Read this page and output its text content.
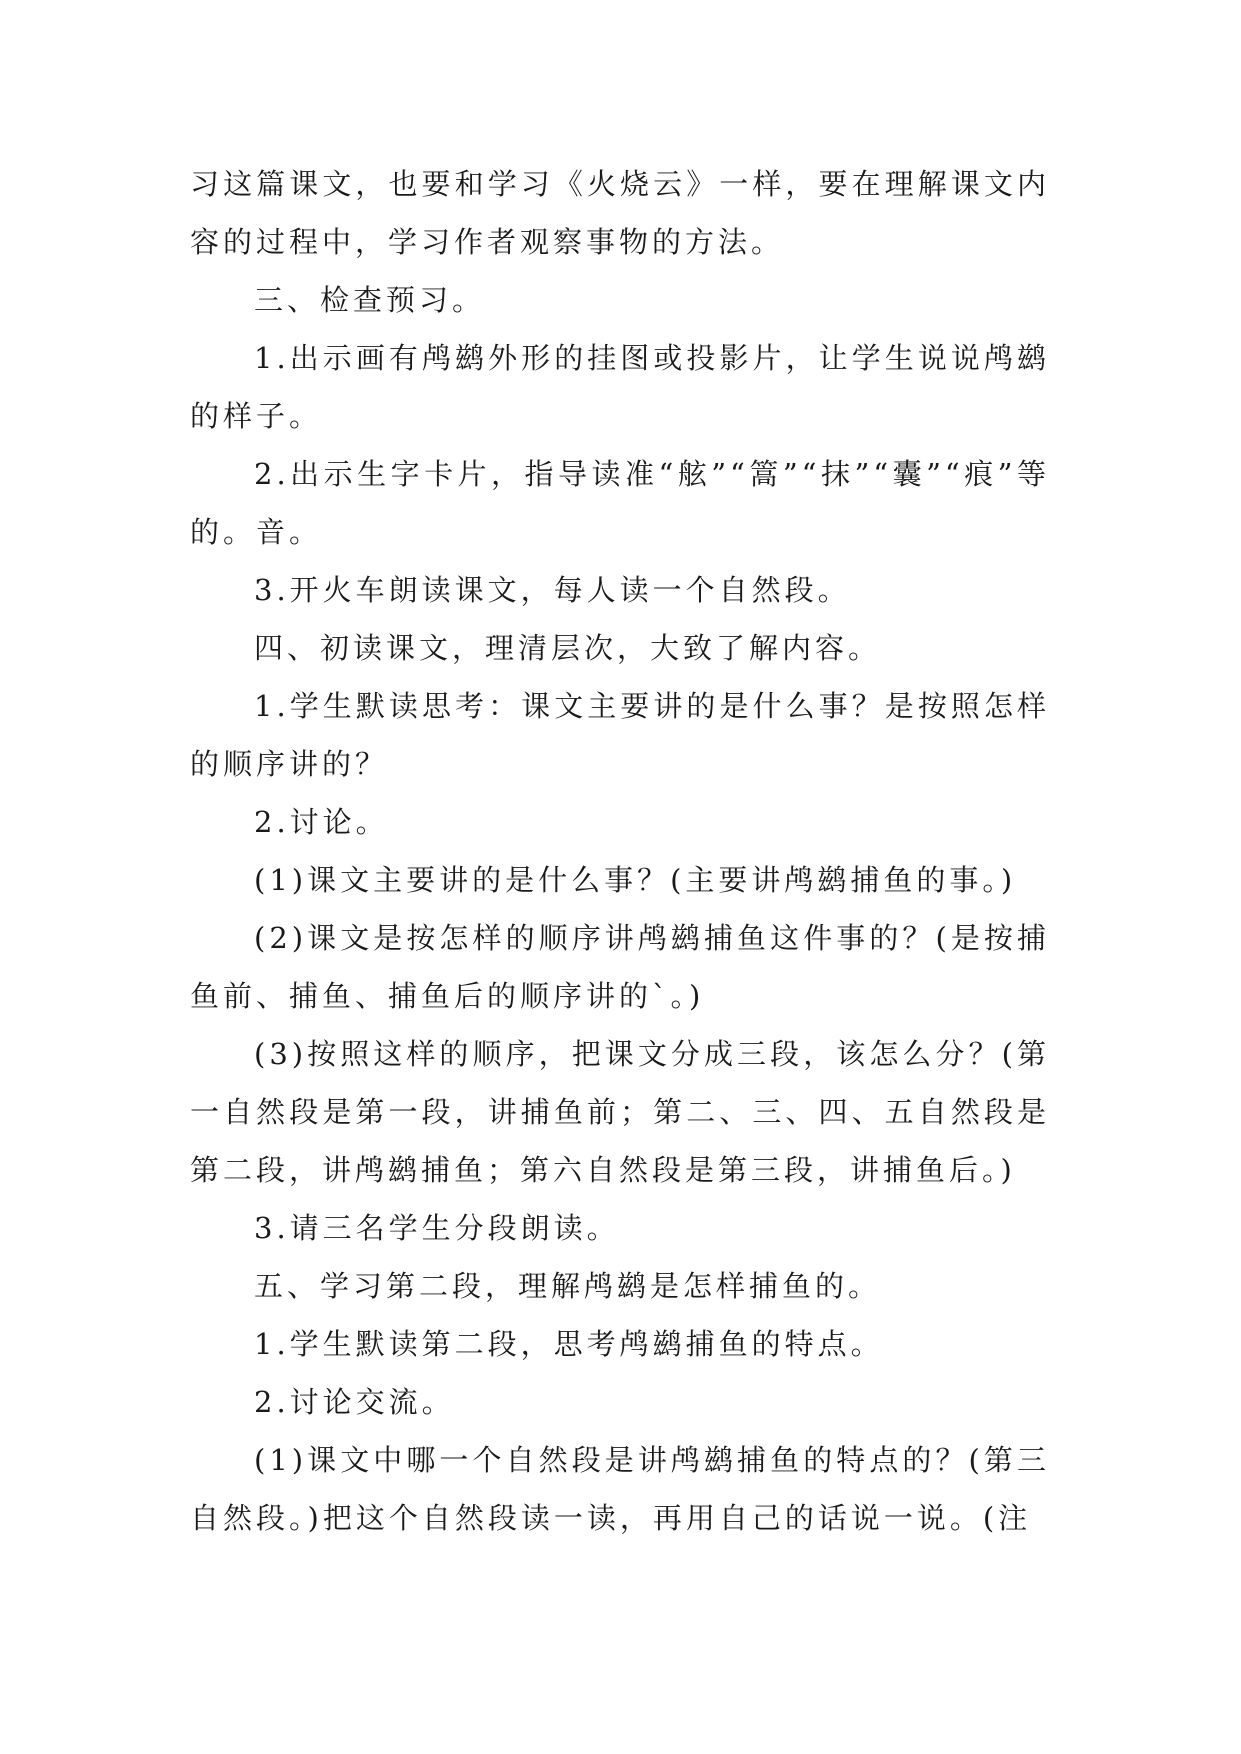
习这篇课文，也要和学习《火烧云》一样，要在理解课文内容的过程中，学习作者观察事物的方法。

三、检查预习。

1.出示画有鸬鹚外形的挂图或投影片，让学生说说鸬鹚的样子。

2.出示生字卡片，指导读准“舷”“篙”“抹”“囊”“痕”等的。音。

3.开火车朗读课文，每人读一个自然段。

四、初读课文，理清层次，大致了解内容。

1.学生默读思考：课文主要讲的是什么事？是按照怎样的顺序讲的？

2.讨论。

(1)课文主要讲的是什么事？(主要讲鸬鹚捕鱼的事。)

(2)课文是按怎样的顺序讲鸬鹚捕鱼这件事的？(是按捕鱼前、捕鱼、捕鱼后的顺序讲的`。)

(3)按照这样的顺序，把课文分成三段，该怎么分？(第一自然段是第一段，讲捕鱼前；第二、三、四、五自然段是第二段，讲鸬鹚捕鱼；第六自然段是第三段，讲捕鱼后。)

3.请三名学生分段朗读。

五、学习第二段，理解鸬鹚是怎样捕鱼的。

1.学生默读第二段，思考鸬鹚捕鱼的特点。

2.讨论交流。

(1)课文中哪一个自然段是讲鸬鹚捕鱼的特点的？(第三自然段。)把这个自然段读一读，再用自己的话说一说。(注
